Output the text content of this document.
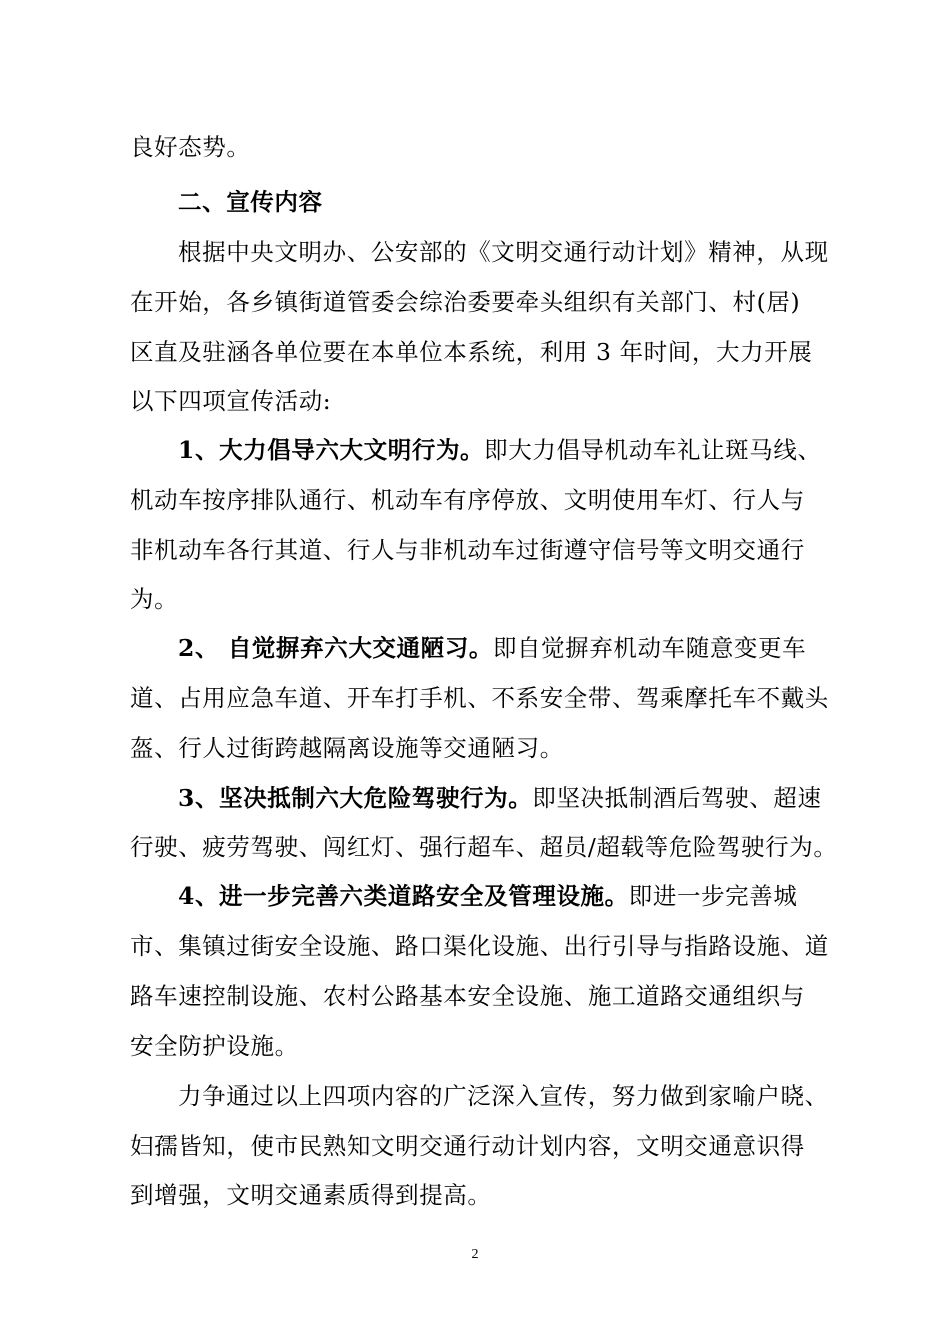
良好态势。
二、宣传内容
根据中央文明办、公安部的《文明交通行动计划》精神，从现
在开始，各乡镇街道管委会综治委要牵头组织有关部门、村(居)
区直及驻涵各单位要在本单位本系统，利用 3 年时间，大力开展
以下四项宣传活动:
1、大力倡导六大文明行为。即大力倡导机动车礼让斑马线、
机动车按序排队通行、机动车有序停放、文明使用车灯、行人与
非机动车各行其道、行人与非机动车过街遵守信号等文明交通行
为。
2、 自觉摒弃六大交通陋习。即自觉摒弃机动车随意变更车
道、占用应急车道、开车打手机、不系安全带、驾乘摩托车不戴头
盔、行人过街跨越隔离设施等交通陋习。
3、坚决抵制六大危险驾驶行为。即坚决抵制酒后驾驶、超速
行驶、疲劳驾驶、闯红灯、强行超车、超员/超载等危险驾驶行为。
4、进一步完善六类道路安全及管理设施。即进一步完善城
市、集镇过街安全设施、路口渠化设施、出行引导与指路设施、道
路车速控制设施、农村公路基本安全设施、施工道路交通组织与
安全防护设施。
力争通过以上四项内容的广泛深入宣传，努力做到家喻户晓、
妇孺皆知，使市民熟知文明交通行动计划内容，文明交通意识得
到增强，文明交通素质得到提高。
2
